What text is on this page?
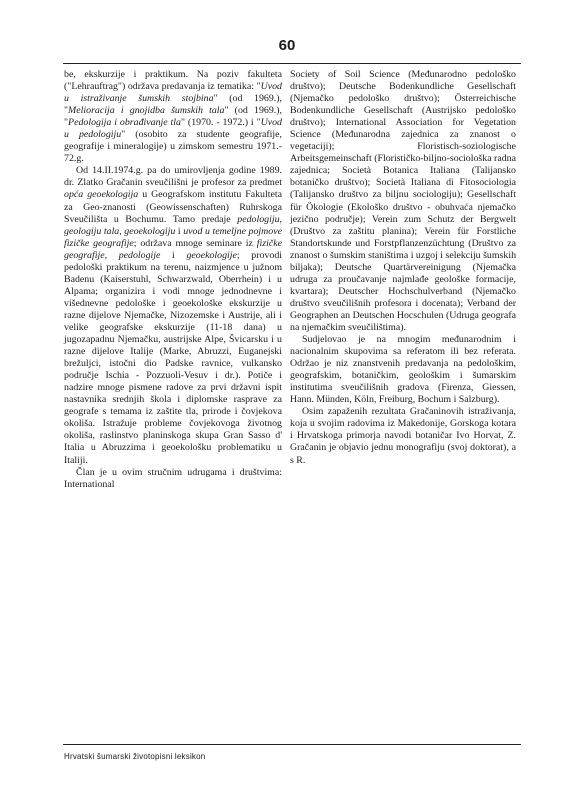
60

be, ekskurzije i praktikum. Na poziv fakulteta ("Lehrauftrag") održava predavanja iz tematika: "Uvod u istraživanje šumskih stojbina" (od 1969.), "Melioracija i gnojidba šumskih tala" (od 1969.), "Pedologija i obrađivanje tla" (1970. - 1972.) i "Uvod u pedologiju" (osobito za studente geografije, geografije i mineralogije) u zimskom semestru 1971.- 72.g.

Od 14.II.1974.g. pa do umirovljenja godine 1989. dr. Zlatko Gračanin sveučilišni je profesor za predmet opća geoekologija u Geografskom institutu Fakulteta za Geo-znanosti (Geowissenschaften) Ruhrskoga Sveučilišta u Bochumu. Tamo predaje pedologiju, geologiju tala, geoekologiju i uvod u temeljne pojmove fizičke geografije; održava mnoge seminare iz fizičke geografije, pedologije i geoekologije; provodi pedološki praktikum na terenu, naizmjence u južnom Badenu (Kaiserstuhl, Schwarzwald, Oberrhein) i u Alpama; organizira i vodi mnoge jednodnevne i višednevne pedološke i geoekološke ekskurzije u razne dijelove Njemačke, Nizozemske i Austrije, ali i velike geografske ekskurzije (11-18 dana) u jugozapadnu Njemačku, austrijske Alpe, Švicarsku i u razne dijelove Italije (Marke, Abruzzi, Euganejski brežuljci, istočni dio Padske ravnice, vulkansko područje Ischia - Pozzuoli-Vesuv i dr.). Potiče i nadzire mnoge pismene radove za prvi državni ispit nastavnika srednjih škola i diplomske rasprave za geografe s temama iz zaštite tla, prirode i čovjekova okoliša. Istražuje probleme čovjekovoga životnog okoliša, raslinstvo planinskoga skupa Gran Sasso d' Italia u Abruzzima i geoekološku problematiku u Italiji.

Član je u ovim stručnim udrugama i društvima: International

Society of Soil Science (Međunarodno pedološko društvo); Deutsche Bodenkundliche Gesellschaft (Njemačko pedološko društvo); Österreichische Bodenkundliche Gesellschaft (Austrijsko pedološko društvo); International Association for Vegetation Science (Međunarodna zajednica za znanost o vegetaciji); Floristisch-soziologische Arbeitsgemeinschaft (Florističko-biljno-sociološka radna zajednica; Società Botanica Italiana (Talijansko botaničko društvo); Società Italiana di Fitosociologia (Talijansko društvo za biljnu sociologiju); Gesellschaft für Ökologie (Ekološko društvo - obuhvaća njemačko jezično područje); Verein zum Schutz der Bergwelt (Društvo za zaštitu planina); Verein für Forstliche Standortskunde und Forstpflanzenzüchtung (Društvo za znanost o šumskim staništima i uzgoj i selekciju šumskih biljaka); Deutsche Quartärvereinigung (Njemačka udruga za proučavanje najmlađe geološke formacije, kvartara); Deutscher Hochschulverband (Njemačko društvo sveučilišnih profesora i docenata); Verband der Geographen an Deutschen Hocschulen (Udruga geografa na njemačkim sveučilištima).

Sudjelovao je na mnogim međunarodnim i nacionalnim skupovima sa referatom ili bez referata. Održao je niz znanstvenih predavanja na pedološkim, geografskim, botaničkim, geološkim i šumarskim institutima sveučilišnih gradova (Firenza, Giessen, Hann. Münden, Köln, Freiburg, Bochum i Salzburg).

Osim zapaženih rezultata Gračaninovih istraživanja, koja u svojim radovima iz Makedonije, Gorskoga kotara i Hrvatskoga primorja navodi botaničar Ivo Horvat, Z. Gračanin je objavio jednu monografiju (svoj doktorat), a s R.

Hrvatski šumarski životopisni leksikon
